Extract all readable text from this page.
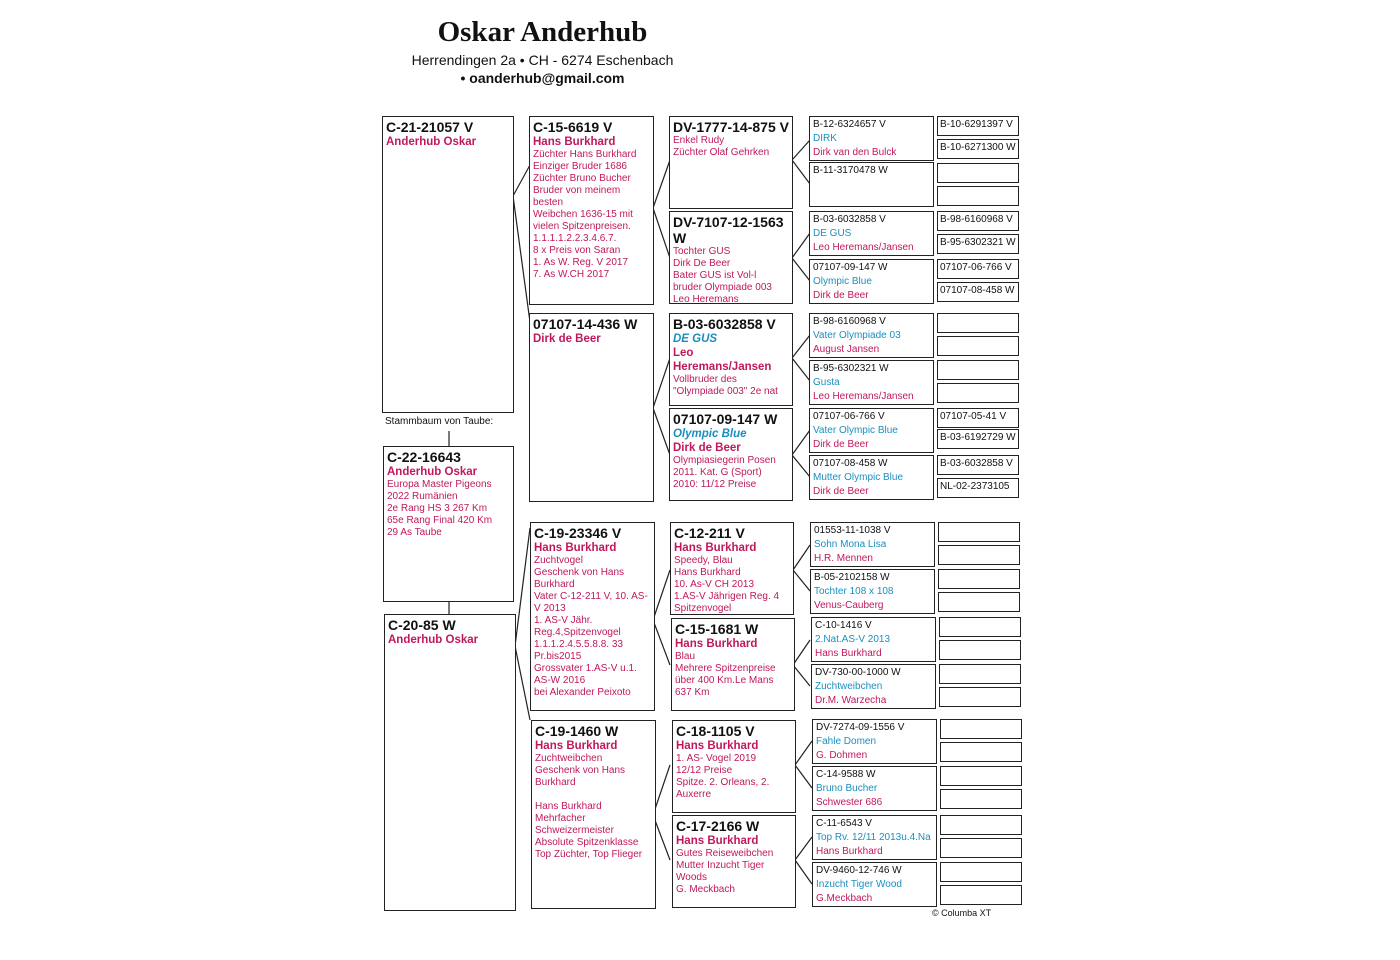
Oskar Anderhub
Herrendingen 2a • CH - 6274 Eschenbach
• oanderhub@gmail.com
C-21-21057 V
Anderhub Oskar
Stammbaum von Taube:
C-22-16643
Anderhub Oskar
Europa Master Pigeons
2022 Rumänien
2e Rang HS 3 267 Km
65e Rang Final 420 Km
29 As Taube
C-20-85 W
Anderhub Oskar
C-15-6619 V
Hans Burkhard
Züchter Hans Burkhard
Einziger Bruder 1686
Züchter Bruno Bucher
Bruder von meinem
besten
Weibchen 1636-15 mit
vielen Spitzenpreisen.
1.1.1.1.2.2.3.4.6.7.
8 x Preis von Saran
1. As W. Reg. V 2017
7. As W.CH 2017
07107-14-436 W
Dirk de Beer
C-19-23346 V
Hans Burkhard
Zuchtvogel
Geschenk von Hans
Burkhard
Vater C-12-211 V, 10. AS-
V 2013
1. AS-V Jähr.
Reg.4,Spitzenvogel
1.1.1.2.4.5.5.8.8. 33
Pr.bis2015
Grossvater 1.AS-V u.1.
AS-W 2016
bei Alexander Peixoto
C-19-1460 W
Hans Burkhard
Zuchtweibchen
Geschenk von Hans
Burkhard
Hans Burkhard
Mehrfacher
Schweizermeister
Absolute Spitzenklasse
Top Züchter, Top Flieger
DV-1777-14-875 V
Enkel Rudy
Züchter Olaf Gehrken
DV-7107-12-1563 W
Tochter GUS
Dirk De Beer
Bater GUS ist Vol-l
bruder Olympiade 003
Leo Heremans
B-03-6032858 V
DE GUS
Leo Heremans/Jansen
Vollbruder des
"Olympiade 003" 2e nat
07107-09-147 W
Olympic Blue
Dirk de Beer
Olympiasiegerin Posen
2011. Kat. G (Sport)
2010: 11/12 Preise
C-12-211 V
Hans Burkhard
Speedy, Blau
Hans Burkhard
10. As-V CH 2013
1.AS-V Jährigen Reg. 4
Spitzenvogel
C-15-1681 W
Hans Burkhard
Blau
Mehrere Spitzenpreise
über 400 Km.Le Mans
637 Km
C-18-1105 V
Hans Burkhard
1. AS- Vogel 2019
12/12 Preise
Spitze. 2. Orleans, 2.
Auxerre
C-17-2166 W
Hans Burkhard
Gutes Reiseweibchen
Mutter Inzucht Tiger
Woods
G. Meckbach
B-12-6324657 V
DIRK
Dirk van den Bulck
B-11-3170478 W
B-03-6032858 V
DE GUS
Leo Heremans/Jansen
07107-09-147 W
Olympic Blue
Dirk de Beer
B-98-6160968 V
Vater Olympiade 03
August Jansen
B-95-6302321 W
Gusta
Leo Heremans/Jansen
07107-06-766 V
Vater Olympic Blue
Dirk de Beer
07107-08-458 W
Mutter Olympic Blue
Dirk de Beer
01553-11-1038 V
Sohn Mona Lisa
H.R. Mennen
B-05-2102158 W
Tochter 108 x 108
Venus-Cauberg
C-10-1416 V
2.Nat.AS-V 2013
Hans Burkhard
DV-730-00-1000 W
Zuchtweibchen
Dr.M. Warzecha
DV-7274-09-1556 V
Fahle Domen
G. Dohmen
C-14-9588 W
Bruno Bucher
Schwester 686
C-11-6543 V
Top Rv. 12/11 2013u.4.Na
Hans Burkhard
DV-9460-12-746 W
Inzucht Tiger Wood
G.Meckbach
B-10-6291397 V
B-10-6271300 W
B-98-6160968 V
B-95-6302321 W
07107-06-766 V
07107-08-458 W
07107-05-41 V
B-03-6192729 W
B-03-6032858 V
NL-02-2373105
© Columba XT
